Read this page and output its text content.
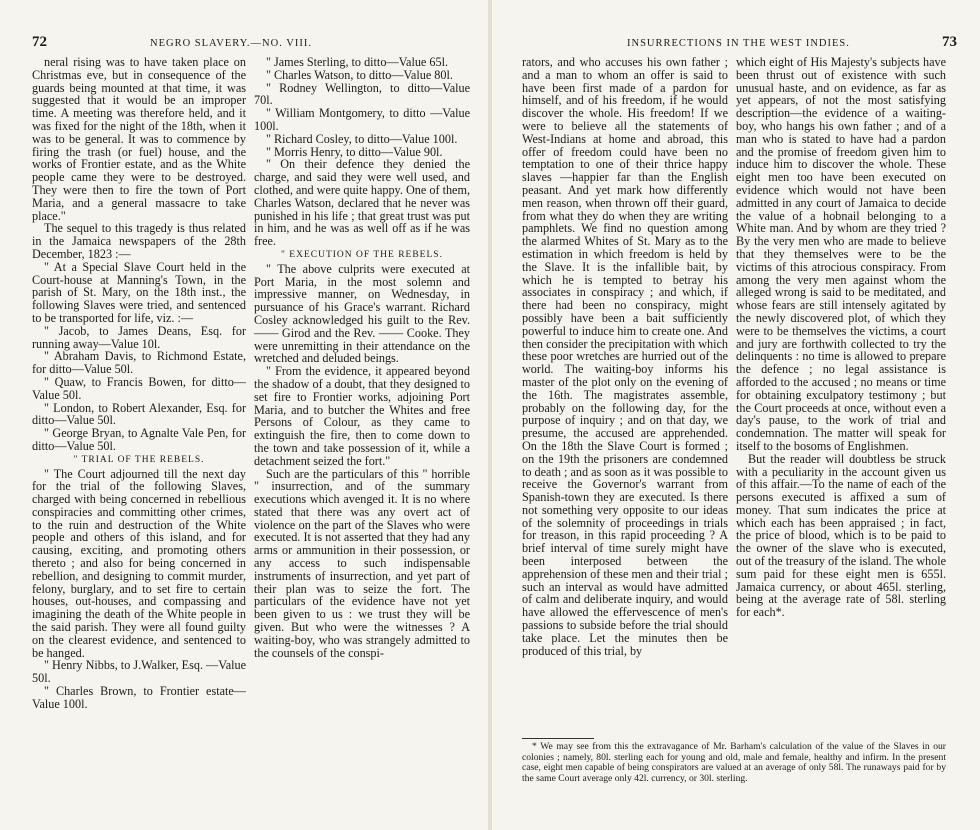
72	NEGRO SLAVERY.—NO. VIII.

neral rising was to have taken place on Christmas eve, but in consequence of the guards being mounted at that time, it was suggested that it would be an improper time. A meeting was therefore held, and it was fixed for the night of the 18th, when it was to be general. It was to commence by firing the trash (or fuel) house, and the works of Frontier estate, and as the White people came they were to be destroyed. They were then to fire the town of Port Maria, and a general massacre to take place."

The sequel to this tragedy is thus related in the Jamaica newspapers of the 28th December, 1823 :—

" At a Special Slave Court held in the Court-house at Manning's Town, in the parish of St. Mary, on the 18th inst., the following Slaves were tried, and sentenced to be transported for life, viz. :—

" Jacob, to James Deans, Esq. for running away—Value 10l.

" Abraham Davis, to Richmond Estate, for ditto—Value 50l.

" Quaw, to Francis Bowen, for ditto—Value 50l.

" London, to Robert Alexander, Esq. for ditto—Value 50l.

" George Bryan, to Agnalte Vale Pen, for ditto—Value 50l.

" TRIAL OF THE REBELS.

" The Court adjourned till the next day for the trial of the following Slaves, charged with being concerned in rebellious conspiracies and committing other crimes, to the ruin and destruction of the White people and others of this island, and for causing, exciting, and promoting others thereto ; and also for being concerned in rebellion, and designing to commit murder, felony, burglary, and to set fire to certain houses, out-houses, and compassing and imagining the death of the White people in the said parish. They were all found guilty on the clearest evidence, and sentenced to be hanged.

" Henry Nibbs, to J.Walker, Esq. —Value 50l.

" Charles Brown, to Frontier estate—Value 100l.

" James Sterling, to ditto—Value 65l.

" Charles Watson, to ditto—Value 80l.

" Rodney Wellington, to ditto—Value 70l.

" William Montgomery, to ditto —Value 100l.

" Richard Cosley, to ditto—Value 100l.

" Morris Henry, to ditto—Value 90l.

" On their defence they denied the charge, and said they were well used, and clothed, and were quite happy. One of them, Charles Watson, declared that he never was punished in his life ; that great trust was put in him, and he was as well off as if he was free.

" EXECUTION OF THE REBELS.

" The above culprits were executed at Port Maria, in the most solemn and impressive manner, on Wednesday, in pursuance of his Grace's warrant. Richard Cosley acknowledged his guilt to the Rev. —— Girod and the Rev. —— Cooke. They were unremitting in their attendance on the wretched and deluded beings.

" From the evidence, it appeared beyond the shadow of a doubt, that they designed to set fire to Frontier works, adjoining Port Maria, and to butcher the Whites and free Persons of Colour, as they came to extinguish the fire, then to come down to the town and take possession of it, while a detachment seized the fort."

Such are the particulars of this " horrible " insurrection, and of the summary executions which avenged it. It is no where stated that there was any overt act of violence on the part of the Slaves who were executed. It is not asserted that they had any arms or ammunition in their possession, or any access to such indispensable instruments of insurrection, and yet part of their plan was to seize the fort. The particulars of the evidence have not yet been given to us : we trust they will be given. But who were the witnesses ? A waiting-boy, who was strangely admitted to the counsels of the conspi-

INSURRECTIONS IN THE WEST INDIES.	73

rators, and who accuses his own father ; and a man to whom an offer is said to have been first made of a pardon for himself, and of his freedom, if he would discover the whole. His freedom! If we were to believe all the statements of West-Indians at home and abroad, this offer of freedom could have been no temptation to one of their thrice happy slaves —happier far than the English peasant. And yet mark how differently men reason, when thrown off their guard, from what they do when they are writing pamphlets. We find no question among the alarmed Whites of St. Mary as to the estimation in which freedom is held by the Slave. It is the infallible bait, by which he is tempted to betray his associates in conspiracy ; and which, if there had been no conspiracy, might possibly have been a bait sufficiently powerful to induce him to create one. And then consider the precipitation with which these poor wretches are hurried out of the world. The waiting-boy informs his master of the plot only on the evening of the 16th. The magistrates assemble, probably on the following day, for the purpose of inquiry ; and on that day, we presume, the accused are apprehended. On the 18th the Slave Court is formed ; on the 19th the prisoners are condemned to death ; and as soon as it was possible to receive the Governor's warrant from Spanish-town they are executed. Is there not something very opposite to our ideas of the solemnity of proceedings in trials for treason, in this rapid proceeding ? A brief interval of time surely might have been interposed between the apprehension of these men and their trial ; such an interval as would have admitted of calm and deliberate inquiry, and would have allowed the effervescence of men's passions to subside before the trial should take place. Let the minutes then be produced of this trial, by

which eight of His Majesty's subjects have been thrust out of existence with such unusual haste, and on evidence, as far as yet appears, of not the most satisfying description—the evidence of a waiting-boy, who hangs his own father ; and of a man who is stated to have had a pardon and the promise of freedom given him to induce him to discover the whole. These eight men too have been executed on evidence which would not have been admitted in any court of Jamaica to decide the value of a hobnail belonging to a White man. And by whom are they tried ? By the very men who are made to believe that they themselves were to be the victims of this atrocious conspiracy. From among the very men against whom the alleged wrong is said to be meditated, and whose fears are still intensely agitated by the newly discovered plot, of which they were to be themselves the victims, a court and jury are forthwith collected to try the delinquents : no time is allowed to prepare the defence ; no legal assistance is afforded to the accused ; no means or time for obtaining exculpatory testimony ; but the Court proceeds at once, without even a day's pause, to the work of trial and condemnation. The matter will speak for itself to the bosoms of Englishmen.

But the reader will doubtless be struck with a peculiarity in the account given us of this affair.—To the name of each of the persons executed is affixed a sum of money. That sum indicates the price at which each has been appraised ; in fact, the price of blood, which is to be paid to the owner of the slave who is executed, out of the treasury of the island. The whole sum paid for these eight men is 655l. Jamaica currency, or about 465l. sterling, being at the average rate of 58l. sterling for each*.

* We may see from this the extravagance of Mr. Barham's calculation of the value of the Slaves in our colonies ; namely, 80l. sterling each for young and old, male and female, healthy and infirm. In the present case, eight men capable of being conspirators are valued at an average of only 58l. The runaways paid for by the same Court average only 42l. currency, or 30l. sterling.
